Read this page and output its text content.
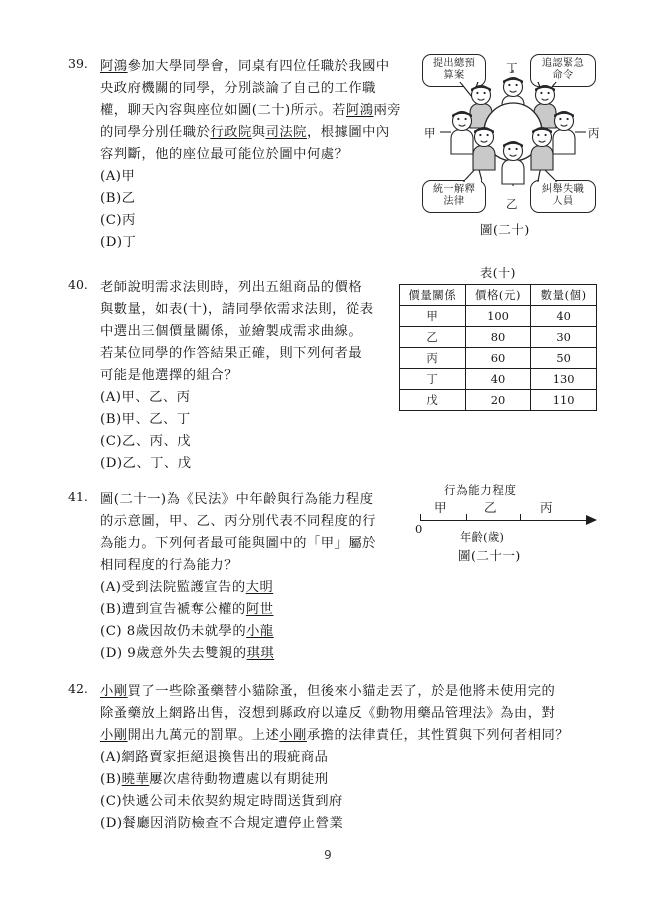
39. 阿鴻參加大學同學會，同桌有四位任職於我國中
央政府機關的同學，分別談論了自己的工作職
權，聊天內容與座位如圖(二十)所示。若阿鴻兩旁
的同學分別任職於行政院與司法院，根據圖中內
容判斷，他的座位最可能位於圖中何處？
(A)甲
(B)乙
(C)丙
(D)丁
提出總預
算案
追認緊急
命令
統一解釋
法律
糾舉失職
人員
丁
甲	丙
乙
圖(二十)
40. 老師說明需求法則時，列出五組商品的價格
與數量，如表(十)，請同學依需求法則，從表
中選出三個價量關係，並繪製成需求曲線。
若某位同學的作答結果正確，則下列何者最
可能是他選擇的組合？
(A)甲、乙、丙
(B)甲、乙、丁
(C)乙、丙、戊
(D)乙、丁、戊
表(十)
價量關係	價格(元)	數量(個)
甲	100	40
乙	80	30
丙	60	50
丁	40	130
戊	20	110
41. 圖(二十一)為《民法》中年齡與行為能力程度
的示意圖，甲、乙、丙分別代表不同程度的行
為能力。下列何者最可能與圖中的「甲」屬於
相同程度的行為能力？
(A)受到法院監護宣告的大明
(B)遭到宣告褫奪公權的阿世
(C) 8歲因故仍未就學的小龍
(D) 9歲意外失去雙親的琪琪
行為能力程度
0
甲	乙	丙
年齡(歲)
圖(二十一)
42. 小剛買了一些除蚤藥替小貓除蚤，但後來小貓走丟了，於是他將未使用完的
除蚤藥放上網路出售，沒想到縣政府以違反《動物用藥品管理法》為由，對
小剛開出九萬元的罰單。上述小剛承擔的法律責任，其性質與下列何者相同？
(A)網路賣家拒絕退換售出的瑕疵商品
(B)曉華屢次虐待動物遭處以有期徒刑
(C)快遞公司未依契約規定時間送貨到府
(D)餐廳因消防檢查不合規定遭停止營業
9
